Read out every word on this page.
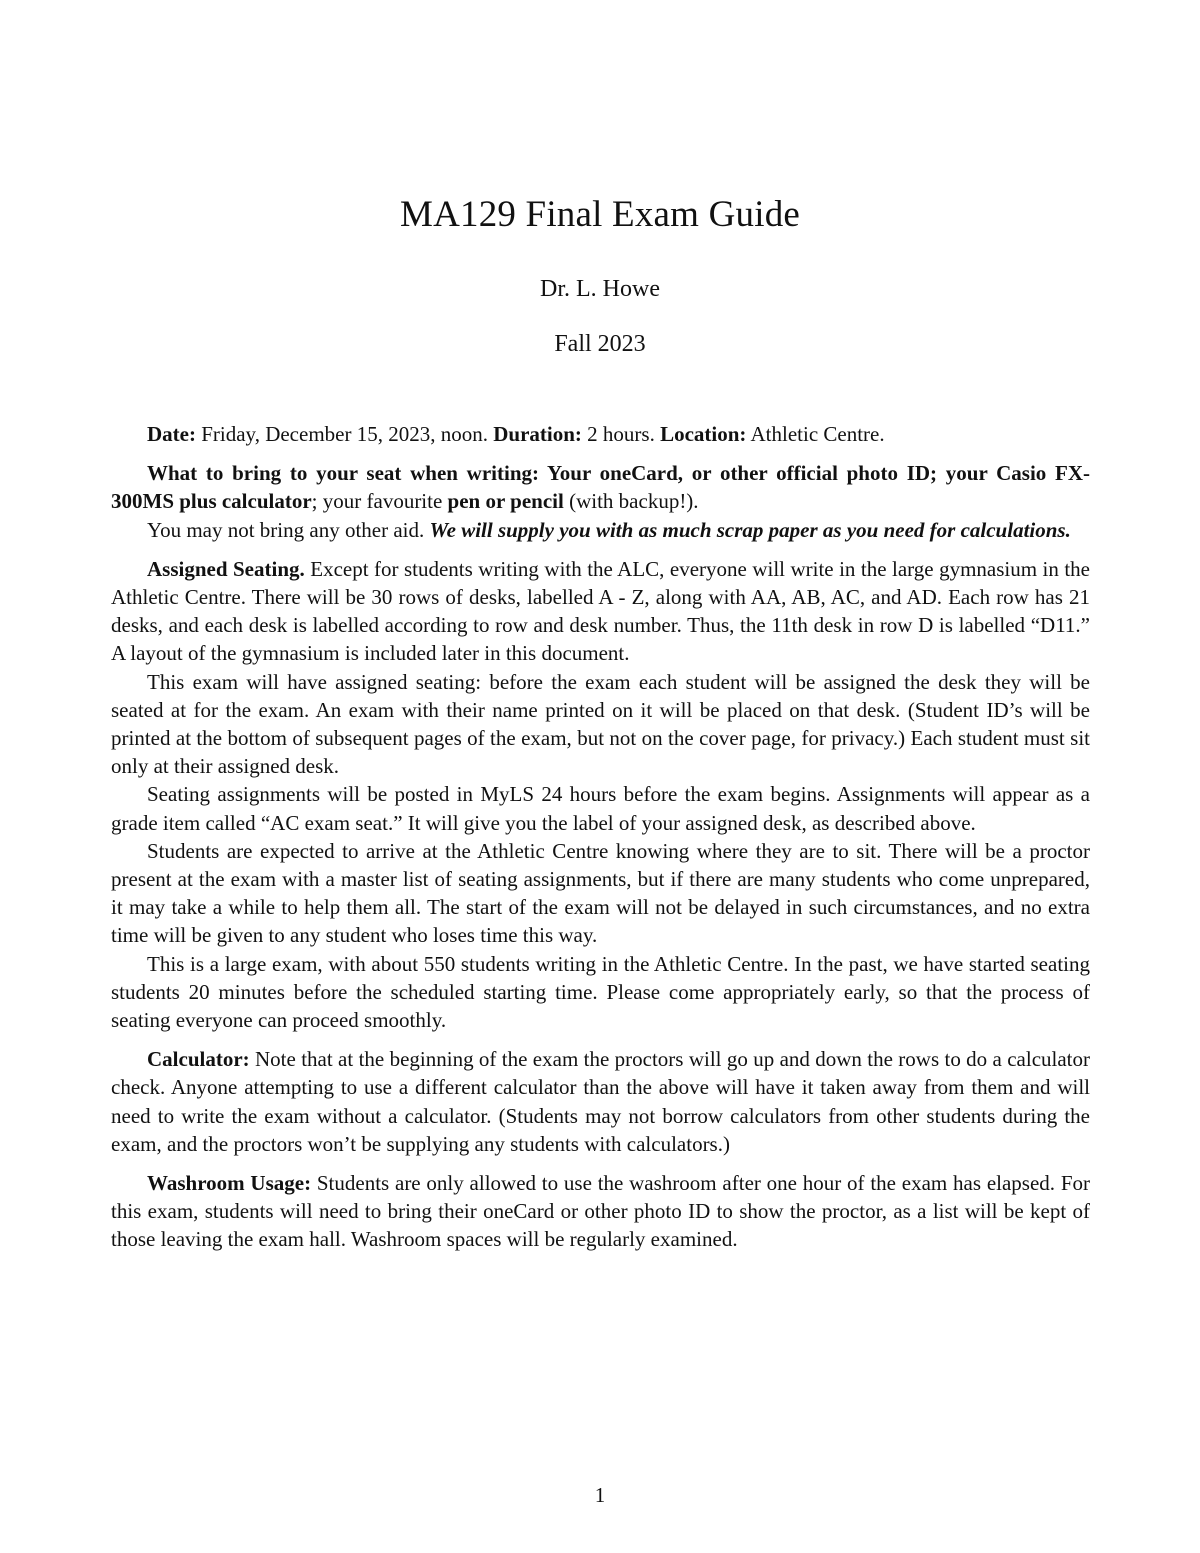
MA129 Final Exam Guide
Dr. L. Howe
Fall 2023

Date: Friday, December 15, 2023, noon. Duration: 2 hours. Location: Athletic Centre.

What to bring to your seat when writing: Your oneCard, or other official photo ID; your Casio FX-300MS plus calculator; your favourite pen or pencil (with backup!).

You may not bring any other aid. We will supply you with as much scrap paper as you need for calculations.

Assigned Seating. Except for students writing with the ALC, everyone will write in the large gymnasium in the Athletic Centre. There will be 30 rows of desks, labelled A - Z, along with AA, AB, AC, and AD. Each row has 21 desks, and each desk is labelled according to row and desk number. Thus, the 11th desk in row D is labelled “D11.” A layout of the gymnasium is included later in this document.

This exam will have assigned seating: before the exam each student will be assigned the desk they will be seated at for the exam. An exam with their name printed on it will be placed on that desk. (Student ID’s will be printed at the bottom of subsequent pages of the exam, but not on the cover page, for privacy.) Each student must sit only at their assigned desk.

Seating assignments will be posted in MyLS 24 hours before the exam begins. Assignments will appear as a grade item called “AC exam seat.” It will give you the label of your assigned desk, as described above.

Students are expected to arrive at the Athletic Centre knowing where they are to sit. There will be a proctor present at the exam with a master list of seating assignments, but if there are many students who come unprepared, it may take a while to help them all. The start of the exam will not be delayed in such circumstances, and no extra time will be given to any student who loses time this way.

This is a large exam, with about 550 students writing in the Athletic Centre. In the past, we have started seating students 20 minutes before the scheduled starting time. Please come appropriately early, so that the process of seating everyone can proceed smoothly.

Calculator: Note that at the beginning of the exam the proctors will go up and down the rows to do a calculator check. Anyone attempting to use a different calculator than the above will have it taken away from them and will need to write the exam without a calculator. (Students may not borrow calculators from other students during the exam, and the proctors won’t be supplying any students with calculators.)

Washroom Usage: Students are only allowed to use the washroom after one hour of the exam has elapsed. For this exam, students will need to bring their oneCard or other photo ID to show the proctor, as a list will be kept of those leaving the exam hall. Washroom spaces will be regularly examined.

1
